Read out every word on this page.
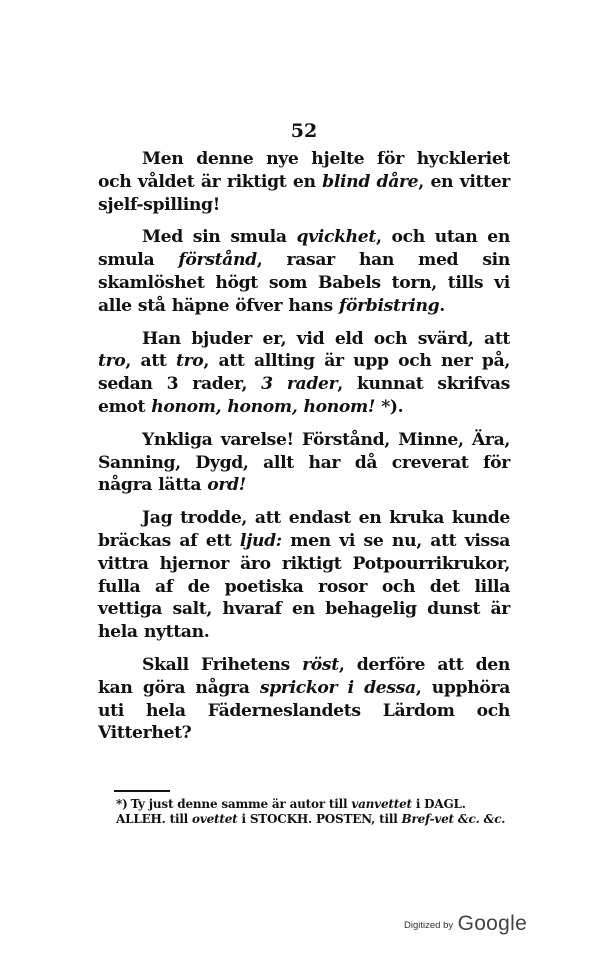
52

Men denne nye hjelte för hyckleriet och våldet är riktigt en blind dåre, en vitter sjelf-spilling!

Med sin smula qvickhet, och utan en smula förstånd, rasar han med sin skamlöshet högt som Babels torn, tills vi alle stå häpne öfver hans förbistring.

Han bjuder er, vid eld och svärd, att tro, att tro, att allting är upp och ner på, sedan 3 rader, 3 rader, kunnat skrifvas emot honom, honom, honom! *).

Ynkliga varelse! Förstånd, Minne, Ära, Sanning, Dygd, allt har då creverat för några lätta ord!

Jag trodde, att endast en kruka kunde bräckas af ett ljud: men vi se nu, att vissa vittra hjernor äro riktigt Potpourrikrukor, fulla af de poetiska rosor och det lilla vettiga salt, hvaraf en behagelig dunst är hela nyttan.

Skall Frihetens röst, derföre att den kan göra några sprickor i dessa, upphöra uti hela Fäderneslandets Lärdom och Vitterhet?

*) Ty just denne samme är autor till vanvettet i DAGL. ALLEH. till ovettet i STOCKH. POSTEN, till Bref-vet &c. &c.
Digitized by Google
